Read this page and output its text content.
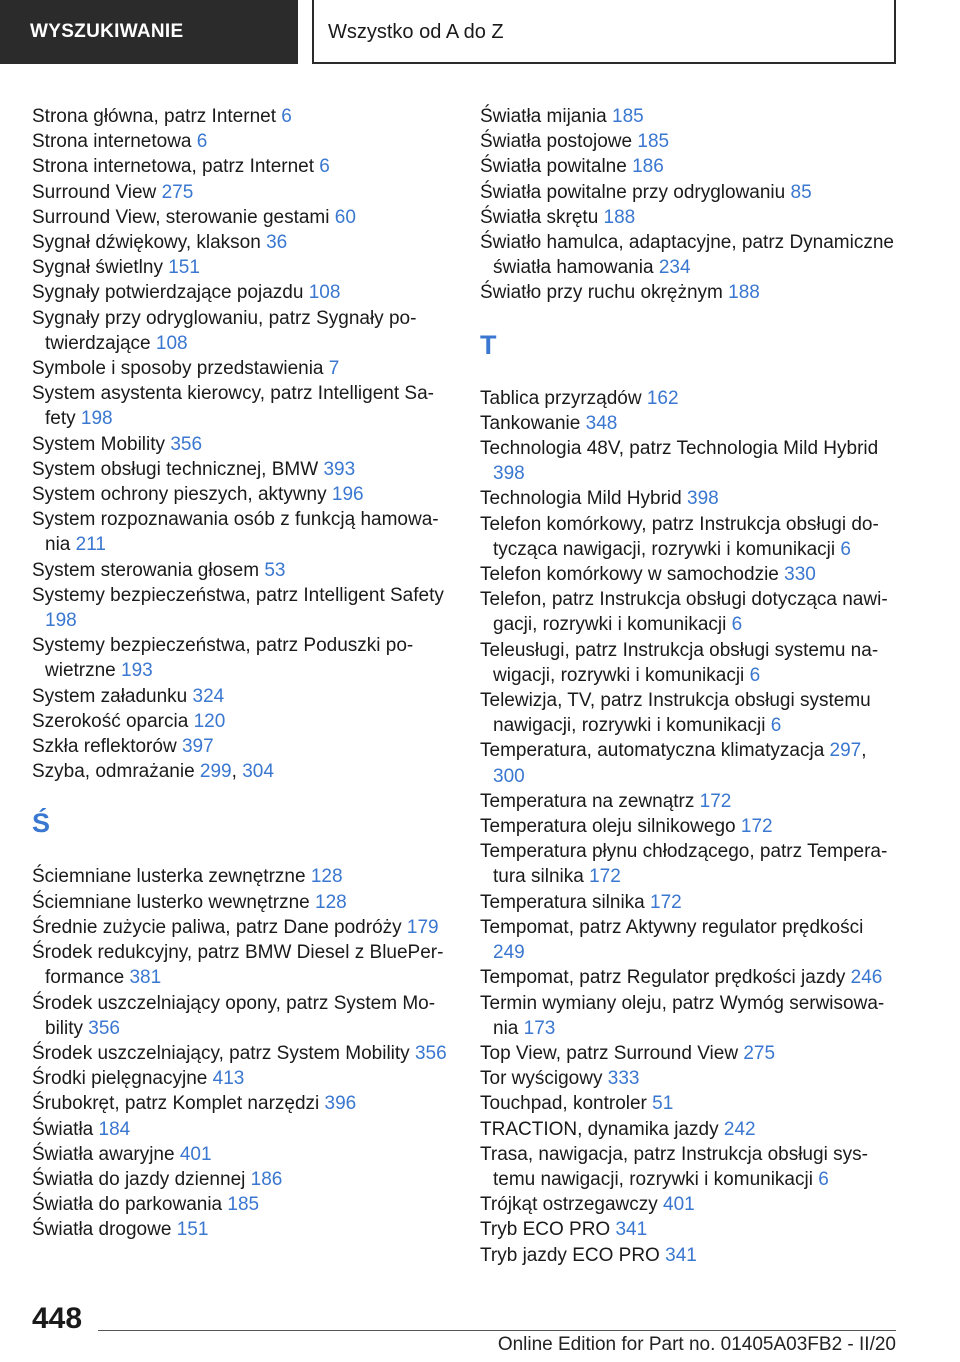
WYSZUKIWANIE	Wszystko od A do Z

Strona główna, patrz Internet 6

Strona internetowa 6

Strona internetowa, patrz Internet 6

Surround View 275

Surround View, sterowanie gestami 60

Sygnał dźwiękowy, klakson 36

Sygnał świetlny 151

Sygnały potwierdzające pojazdu 108

Sygnały przy odryglowaniu, patrz Sygnały potwierdzające 108

Symbole i sposoby przedstawienia 7

System asystenta kierowcy, patrz Intelligent Safety 198

System Mobility 356

System obsługi technicznej, BMW 393

System ochrony pieszych, aktywny 196

System rozpoznawania osób z funkcją hamowania 211

System sterowania głosem 53

Systemy bezpieczeństwa, patrz Intelligent Safety 198

Systemy bezpieczeństwa, patrz Poduszki powietrzne 193

System załadunku 324

Szerokość oparcia 120

Szkła reflektorów 397

Szyba, odmrażanie 299, 304

Ś

Ściemniane lusterka zewnętrzne 128

Ściemniane lusterko wewnętrzne 128

Średnie zużycie paliwa, patrz Dane podróży 179

Środek redukcyjny, patrz BMW Diesel z BluePerformance 381

Środek uszczelniający opony, patrz System Mobility 356

Środek uszczelniający, patrz System Mobility 356

Środki pielęgnacyjne 413

Śrubokręt, patrz Komplet narzędzi 396

Światła 184

Światła awaryjne 401

Światła do jazdy dziennej 186

Światła do parkowania 185

Światła drogowe 151

Światła mijania 185

Światła postojowe 185

Światła powitalne 186

Światła powitalne przy odryglowaniu 85

Światła skrętu 188

Światło hamulca, adaptacyjne, patrz Dynamiczne światła hamowania 234

Światło przy ruchu okrężnym 188

T

Tablica przyrządów 162

Tankowanie 348

Technologia 48V, patrz Technologia Mild Hybrid 398

Technologia Mild Hybrid 398

Telefon komórkowy, patrz Instrukcja obsługi dotycząca nawigacji, rozrywki i komunikacji 6

Telefon komórkowy w samochodzie 330

Telefon, patrz Instrukcja obsługi dotycząca nawigacji, rozrywki i komunikacji 6

Teleusługi, patrz Instrukcja obsługi systemu nawigacji, rozrywki i komunikacji 6

Telewizja, TV, patrz Instrukcja obsługi systemu nawigacji, rozrywki i komunikacji 6

Temperatura, automatyczna klimatyzacja 297, 300

Temperatura na zewnątrz 172

Temperatura oleju silnikowego 172

Temperatura płynu chłodzącego, patrz Temperatura silnika 172

Temperatura silnika 172

Tempomat, patrz Aktywny regulator prędkości 249

Tempomat, patrz Regulator prędkości jazdy 246

Termin wymiany oleju, patrz Wymóg serwisowania 173

Top View, patrz Surround View 275

Tor wyścigowy 333

Touchpad, kontroler 51

TRACTION, dynamika jazdy 242

Trasa, nawigacja, patrz Instrukcja obsługi systemu nawigacji, rozrywki i komunikacji 6

Trójkąt ostrzegawczy 401

Tryb ECO PRO 341

Tryb jazdy ECO PRO 341

448
Online Edition for Part no. 01405A03FB2 - II/20
